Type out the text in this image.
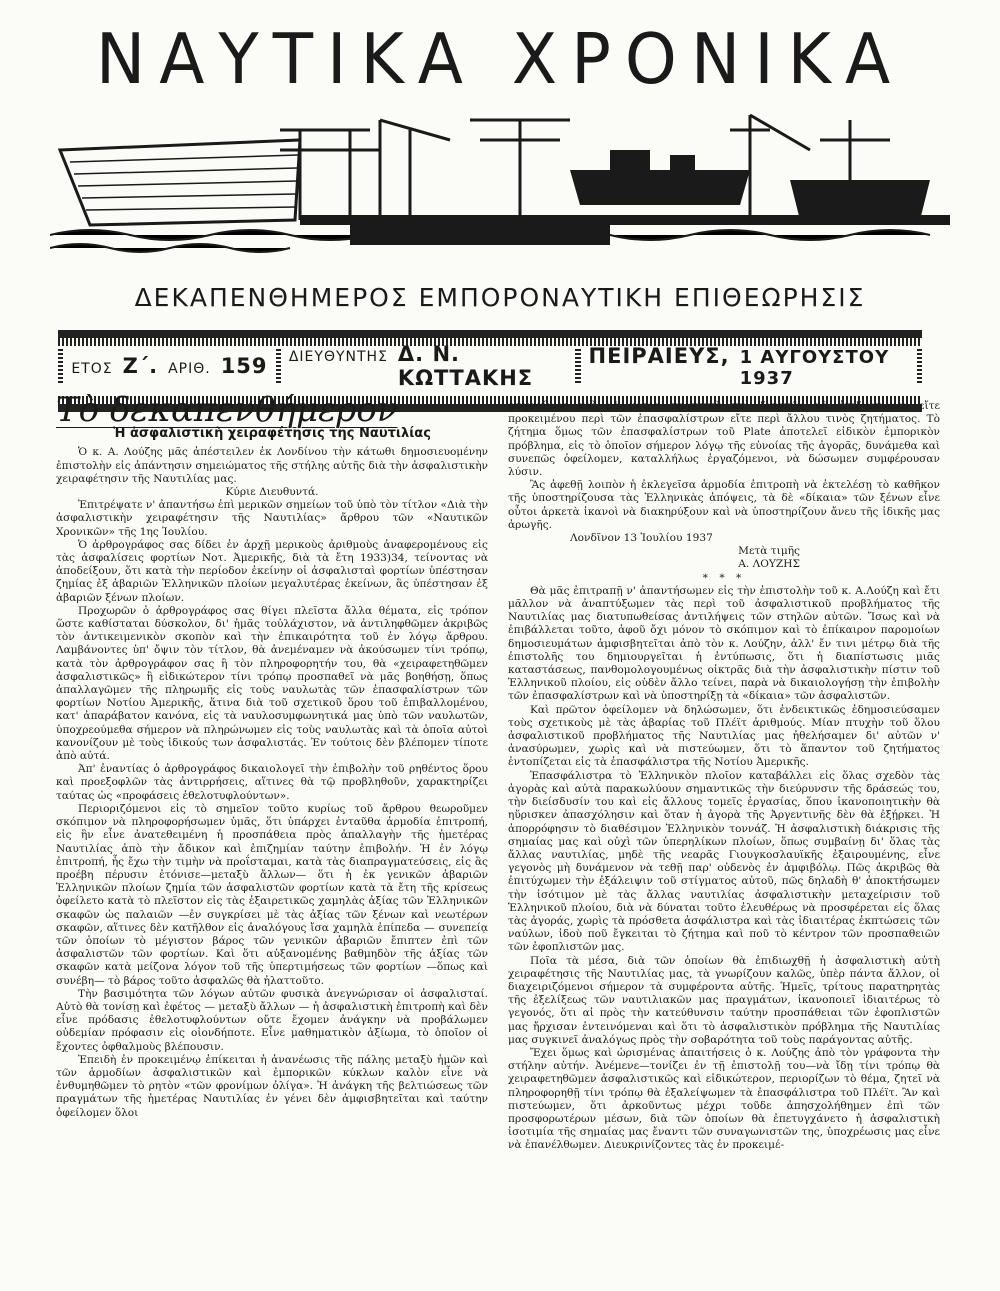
ΝΑΥΤΙΚΑ ΧΡΟΝΙΚΑ
ΔΕΚΑΠΕΝΘΗΜΕΡΟΣ ΕΜΠΟΡΟΝΑΥΤΙΚΗ ΕΠΙΘΕΩΡΗΣΙΣ
ΕΤΟΣ Ζ΄. ΑΡΙΘ. 159 ΔΙΕΥΘΥΝΤΗΣ Δ. Ν. ΚΩΤΤΑΚΗΣ
ΠΕΙΡΑΙΕΥΣ, 1 ΑΥΓΟΥΣΤΟΥ 1937
Τὸ δεκαπενθήμερον
Ἡ ἀσφαλιστικὴ χειραφέτησις τῆς Ναυτιλίας

Ὁ κ. Α. Λούζης μᾶς ἀπέστειλεν ἐκ Λονδίνου τὴν κάτωθι δημοσιευομένην ἐπιστολὴν εἰς ἀπάντησιν σημειώματος τῆς στήλης αὐτῆς διὰ τὴν ἀσφαλιστικὴν χειραφέτησιν τῆς Ναυτιλίας μας.

Κύριε Διευθυντά.

Ἐπιτρέψατε ν' ἀπαντήσω ἐπὶ μερικῶν σημείων τοῦ ὑπὸ τὸν τίτλον «Διὰ τὴν ἀσφαλιστικὴν χειραφέτησιν τῆς Ναυτιλίας» ἄρθρου τῶν «Ναυτικῶν Χρονικῶν» τῆς 1ης Ἰουλίου.

Ὁ ἀρθρογράφος σας δίδει ἐν ἀρχῇ μερικοὺς ἀριθμοὺς ἀναφερομένους εἰς τὰς ἀσφαλίσεις φορτίων Νοτ. Ἀμερικῆς, διὰ τὰ ἔτη 1933)34, τείνοντας νὰ ἀποδείξουν, ὅτι κατὰ τὴν περίοδον ἐκείνην οἱ ἀσφαλισταὶ φορτίων ὑπέστησαν ζημίας ἐξ ἀβαριῶν Ἑλληνικῶν πλοίων μεγαλυτέρας ἐκείνων, ἃς ὑπέστησαν ἐξ ἀβαριῶν ξένων πλοίων.

Προχωρῶν ὁ ἀρθρογράφος σας θίγει πλεῖστα ἄλλα θέματα, εἰς τρόπον ὥστε καθίσταται δύσκολον, δι' ἡμᾶς τοὐλάχιστον, νὰ ἀντιληφθῶμεν ἀκριβῶς τὸν ἀντικειμενικὸν σκοπὸν καὶ τὴν ἐπικαιρότητα τοῦ ἐν λόγῳ ἄρθρου. Λαμβάνοντες ὑπ' ὄψιν τὸν τίτλον, θὰ ἀνεμέναμεν νὰ ἀκούσωμεν τίνι τρόπῳ, κατὰ τὸν ἀρθρογράφον σας ἢ τὸν πληροφορητήν του, θὰ «χειραφετηθῶμεν ἀσφαλιστικῶς» ἢ εἰδικώτερον τίνι τρόπῳ προσπαθεῖ νὰ μᾶς βοηθήσῃ, ὅπως ἀπαλλαγῶμεν τῆς πληρωμῆς εἰς τοὺς ναυλωτὰς τῶν ἐπασφαλίστρων τῶν φορτίων Νοτίου Ἀμερικῆς, ἅτινα διὰ τοῦ σχετικοῦ ὅρου τοῦ ἐπιβαλλομένου, κατ' ἀπαράβατον κανόνα, εἰς τὰ ναυλοσυμφωνητικά μας ὑπὸ τῶν ναυλωτῶν, ὑποχρεούμεθα σήμερον νὰ πληρώνωμεν εἰς τοὺς ναυλωτὰς καὶ τὰ ὁποῖα αὐτοὶ κανονίζουν μὲ τοὺς ἰδικούς των ἀσφαλιστάς. Ἐν τούτοις δὲν βλέπομεν τίποτε ἀπὸ αὐτά.

Ἀπ' ἐναντίας ὁ ἀρθρογράφος δικαιολογεῖ τὴν ἐπιβολὴν τοῦ ρηθέντος ὅρου καὶ προεξοφλῶν τὰς ἀντιρρήσεις, αἵτινες θὰ τῷ προβληθοῦν, χαρακτηρίζει ταύτας ὡς «προφάσεις ἐθελοτυφλούντων».

Περιοριζόμενοι εἰς τὸ σημεῖον τοῦτο κυρίως τοῦ ἄρθρου θεωροῦμεν σκόπιμον νὰ πληροφορήσωμεν ὑμᾶς, ὅτι ὑπάρχει ἐνταῦθα ἁρμοδία ἐπιτροπή, εἰς ἣν εἶνε ἀνατεθειμένη ἡ προσπάθεια πρὸς ἀπαλλαγὴν τῆς ἡμετέρας Ναυτιλίας ἀπὸ τὴν ἄδικον καὶ ἐπιζημίαν ταύτην ἐπιβολήν. Ἡ ἐν λόγῳ ἐπιτροπή, ἧς ἔχω τὴν τιμὴν νὰ προΐσταμαι, κατὰ τὰς διαπραγματεύσεις, εἰς ἃς προέβη πέρυσιν ἐτόνισε—μεταξὺ ἄλλων— ὅτι ἡ ἐκ γενικῶν ἀβαριῶν Ἑλληνικῶν πλοίων ζημία τῶν ἀσφαλιστῶν φορτίων κατὰ τὰ ἔτη τῆς κρίσεως ὀφείλετο κατὰ τὸ πλεῖστον εἰς τὰς ἐξαιρετικῶς χαμηλὰς ἀξίας τῶν Ἑλληνικῶν σκαφῶν ὡς παλαιῶν —ἐν συγκρίσει μὲ τὰς ἀξίας τῶν ξένων καὶ νεωτέρων σκαφῶν, αἵτινες δὲν κατῆλθον εἰς ἀναλόγους ἴσα χαμηλὰ ἐπίπεδα — συνεπείᾳ τῶν ὁποίων τὸ μέγιστον βάρος τῶν γενικῶν ἀβαριῶν ἔπιπτεν ἐπὶ τῶν ἀσφαλιστῶν τῶν φορτίων. Καὶ ὅτι αὐξανομένης βαθμηδὸν τῆς ἀξίας τῶν σκαφῶν κατὰ μείζονα λόγον τοῦ τῆς ὑπερτιμήσεως τῶν φορτίων —ὅπως καὶ συνέβη— τὸ βάρος τοῦτο ἀσφαλῶς θὰ ἠλαττοῦτο.

Τὴν βασιμότητα τῶν λόγων αὐτῶν φυσικὰ ἀνεγνώρισαν οἱ ἀσφαλισταί. Αὐτὸ θὰ τονίσῃ καὶ ἐφέτος — μεταξὺ ἄλλων — ἡ ἀσφαλιστικὴ ἐπιτροπὴ καὶ δὲν εἶνε πρόδασις ἐθελοτυφλούντων οὔτε ἔχομεν ἀνάγκην νὰ προβάλωμεν οὐδεμίαν πρόφασιν εἰς οἱονδήποτε. Εἶνε μαθηματικὸν ἀξίωμα, τὸ ὁποῖον οἱ ἔχοντες ὀφθαλμοὺς βλέπουσιν.

Ἐπειδὴ ἐν προκειμένῳ ἐπίκειται ἡ ἀνανέωσις τῆς πάλης μεταξὺ ἡμῶν καὶ τῶν ἁρμοδίων ἀσφαλιστικῶν καὶ ἐμπορικῶν κύκλων καλὸν εἶνε νὰ ἐνθυμηθῶμεν τὸ ρητὸν «τῶν φρονίμων ὀλίγα». Ἡ ἀνάγκη τῆς βελτιώσεως τῶν πραγμάτων τῆς ἡμετέρας Ναυτιλίας ἐν γένει δὲν ἀμφισβητεῖται καὶ ταύτην ὀφείλομεν ὅλοι

ψυχραίμως καὶ μὲ μέτρα πρακτικὰ καὶ διαρκῶς νὰ ἐπιδιώκωμεν εἴτε προκειμένου περὶ τῶν ἐπασφαλίστρων εἴτε περὶ ἄλλου τινὸς ζητήματος. Τὸ ζήτημα ὅμως τῶν ἐπασφαλίστρων τοῦ Plate ἀποτελεῖ εἰδικὸν ἐμπορικὸν πρόβλημα, εἰς τὸ ὁποῖον σήμερον λόγῳ τῆς εὐνοίας τῆς ἀγορᾶς, δυνάμεθα καὶ συνεπῶς ὀφείλομεν, καταλλήλως ἐργαζόμενοι, νὰ δώσωμεν συμφέρουσαν λύσιν.

Ἂς ἀφεθῇ λοιπὸν ἡ ἐκλεγεῖσα ἁρμοδία ἐπιτροπὴ νὰ ἐκτελέσῃ τὸ καθῆκον τῆς ὑποστηρίζουσα τὰς Ἑλληνικὰς ἀπόψεις, τὰ δὲ «δίκαια» τῶν ξένων εἶνε οὗτοι ἀρκετὰ ἱκανοὶ νὰ διακηρύξουν καὶ νὰ ὑποστηρίζουν ἄνευ τῆς ἰδικῆς μας ἀρωγῆς.

Λονδῖνον 13 Ἰουλίου 1937

Μετὰ τιμῆς

Α. ΛΟΥΖΗΣ

* * *

Θὰ μᾶς ἐπιτραπῇ ν' ἀπαντήσωμεν εἰς τὴν ἐπιστολὴν τοῦ κ. Α.Λούζη καὶ ἔτι μᾶλλον νὰ ἀναπτύξωμεν τὰς περὶ τοῦ ἀσφαλιστικοῦ προβλήματος τῆς Ναυτιλίας μας διατυπωθείσας ἀντιλήψεις τῶν στηλῶν αὐτῶν. Ἴσως καὶ νὰ ἐπιβάλλεται τοῦτο, ἀφοῦ ὄχι μόνον τὸ σκόπιμον καὶ τὸ ἐπίκαιρον παρομοίων δημοσιευμάτων ἀμφισβητεῖται ἀπὸ τὸν κ. Λούζην, ἀλλ' ἔν τινι μέτρῳ διὰ τῆς ἐπιστολῆς του δημιουργεῖται ἡ ἐντύπωσις, ὅτι ἡ διαπίστωσις μιᾶς καταστάσεως, πανθομολογουμένως οἰκτρᾶς διὰ τὴν ἀσφαλιστικὴν πίστιν τοῦ Ἑλληνικοῦ πλοίου, εἰς οὐδὲν ἄλλο τείνει, παρὰ νὰ δικαιολογήσῃ τὴν ἐπιβολὴν τῶν ἐπασφαλίστρων καὶ νὰ ὑποστηρίξῃ τὰ «δίκαια» τῶν ἀσφαλιστῶν.

Καὶ πρῶτον ὀφείλομεν νὰ δηλώσωμεν, ὅτι ἐνδεικτικῶς ἐδημοσιεύσαμεν τοὺς σχετικοὺς μὲ τὰς ἀβαρίας τοῦ Πλέϊτ ἀριθμούς. Μίαν πτυχὴν τοῦ ὅλου ἀσφαλιστικοῦ προβλήματος τῆς Ναυτιλίας μας ἠθελήσαμεν δι' αὐτῶν ν' ἀνασύρωμεν, χωρὶς καὶ νὰ πιστεύωμεν, ὅτι τὸ ἅπαντον τοῦ ζητήματος ἐντοπίζεται εἰς τὰ ἐπασφάλιστρα τῆς Νοτίου Ἀμερικῆς.

Ἐπασφάλιστρα τὸ Ἑλληνικὸν πλοῖον καταβάλλει εἰς ὅλας σχεδὸν τὰς ἀγορὰς καὶ αὐτὰ παρακωλύουν σημαντικῶς τὴν διεύρυνσιν τῆς δράσεώς του, τὴν διείσδυσίν του καὶ εἰς ἄλλους τομεῖς ἐργασίας, ὅπου ἱκανοποιητικὴν θὰ ηὕρισκεν ἀπασχόλησιν καὶ ὅταν ἡ ἀγορὰ τῆς Ἀργεντινῆς δὲν θὰ ἐξῄρκει. Ἡ ἀπορρόφησιν τὸ διαθέσιμον Ἑλληνικὸν τοννάζ. Ἡ ἀσφαλιστικὴ διάκρισις τῆς σημαίας μας καὶ οὐχὶ τῶν ὑπερηλίκων πλοίων, ὅπως συμβαίνῃ δι' ὅλας τὰς ἄλλας ναυτιλίας, μηδὲ τῆς νεαρᾶς Γιουγκοσλαυϊκῆς ἐξαιρουμένης, εἶνε γεγονὸς μὴ δυνάμενον νὰ τεθῇ παρ' οὐδενὸς ἐν ἀμφιβόλῳ. Πῶς ἀκριβῶς θὰ ἐπιτύχωμεν τὴν ἐξάλειψιν τοῦ στίγματος αὐτοῦ, πῶς δηλαδὴ θ' ἀποκτήσωμεν τὴν ἰσότιμον μὲ τὰς ἄλλας ναυτιλίας ἀσφαλιστικὴν μεταχείρισιν τοῦ Ἑλληνικοῦ πλοίου, διὰ νὰ δύναται τοῦτο ἐλευθέρως νὰ προσφέρεται εἰς ὅλας τὰς ἀγοράς, χωρὶς τὰ πρόσθετα ἀσφάλιστρα καὶ τὰς ἰδιαιτέρας ἐκπτώσεις τῶν ναύλων, ἰδοὺ ποῦ ἔγκειται τὸ ζήτημα καὶ ποῦ τὸ κέντρον τῶν προσπαθειῶν τῶν ἐφοπλιστῶν μας.

Ποῖα τὰ μέσα, διὰ τῶν ὁποίων θὰ ἐπιδιωχθῇ ἡ ἀσφαλιστικὴ αὐτὴ χειραφέτησις τῆς Ναυτιλίας μας, τὰ γνωρίζουν καλῶς, ὑπὲρ πάντα ἄλλον, οἱ διαχειριζόμενοι σήμερον τὰ συμφέροντα αὐτῆς. Ἡμεῖς, τρίτους παρατηρητὰς τῆς ἐξελίξεως τῶν ναυτιλιακῶν μας πραγμάτων, ἱκανοποιεῖ ἰδιαιτέρως τὸ γεγονός, ὅτι αἱ πρὸς τὴν κατεύθυνσιν ταύτην προσπάθειαι τῶν ἐφοπλιστῶν μας ἤρχισαν ἐντεινόμεναι καὶ ὅτι τὸ ἀσφαλιστικὸν πρόβλημα τῆς Ναυτιλίας μας συγκινεῖ ἀναλόγως πρὸς τὴν σοβαρότητα τοῦ τοὺς παράγοντας αὐτῆς.

Ἔχει ὅμως καὶ ὡρισμένας ἀπαιτήσεις ὁ κ. Λούζης ἀπὸ τὸν γράφοντα τὴν στήλην αὐτήν. Ἀνέμενε—τονίζει ἐν τῇ ἐπιστολῇ του—νὰ ἴδῃ τίνι τρόπῳ θὰ χειραφετηθῶμεν ἀσφαλιστικῶς καὶ εἰδικώτερον, περιορίζων τὸ θέμα, ζητεῖ νὰ πληροφορηθῇ τίνι τρόπῳ θὰ ἐξαλείψωμεν τὰ ἐπασφάλιστρα τοῦ Πλέϊτ. Ἂν καὶ πιστεύωμεν, ὅτι ἀρκοῦντως μέχρι τοῦδε ἀπησχολήθημεν ἐπὶ τῶν προσφορωτέρων μέσων, διὰ τῶν ὁποίων θὰ ἐπετυγχάνετο ἡ ἀσφαλιστικὴ ἰσοτιμία τῆς σημαίας μας ἔναντι τῶν συναγωνιστῶν της, ὑποχρέωσις μας εἶνε νὰ ἐπανέλθωμεν. Διευκρινίζοντες τὰς ἐν προκειμέ-
